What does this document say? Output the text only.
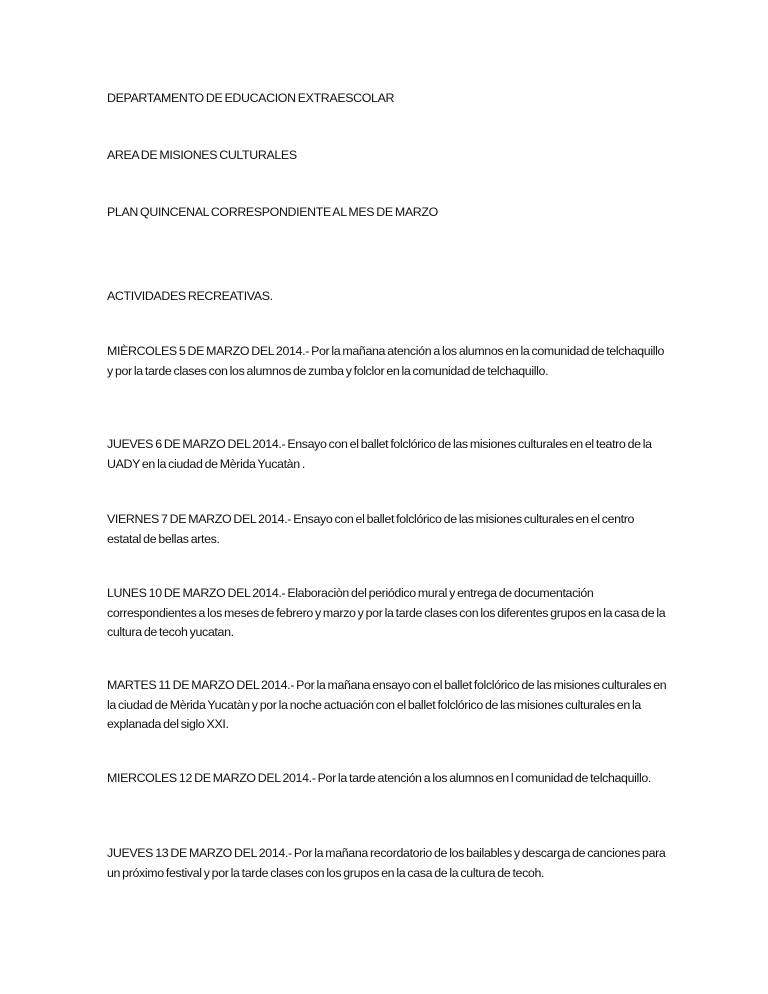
DEPARTAMENTO DE EDUCACION EXTRAESCOLAR
AREA DE MISIONES CULTURALES
PLAN QUINCENAL CORRESPONDIENTE AL MES DE MARZO
ACTIVIDADES RECREATIVAS.
MIÈRCOLES 5 DE MARZO DEL 2014.- Por la mañana atención a los alumnos en la comunidad de telchaquillo y por la tarde clases con los alumnos de zumba y folclor en la comunidad de telchaquillo.
JUEVES 6 DE MARZO DEL 2014.- Ensayo con el ballet folclórico de las misiones culturales en el teatro de la UADY en la ciudad de Mèrida Yucatàn .
VIERNES 7 DE MARZO DEL 2014.- Ensayo con el ballet folclórico de las misiones culturales en el centro estatal de bellas artes.
LUNES 10 DE MARZO DEL 2014.- Elaboraciòn del periódico mural y entrega de documentación correspondientes a los meses de febrero y marzo y por la tarde clases con los diferentes grupos en la casa de la cultura de tecoh yucatan.
MARTES 11 DE MARZO DEL 2014.- Por la mañana ensayo con el ballet folclórico de las misiones culturales en la ciudad de Mèrida Yucatàn y por la noche actuación con el ballet folclórico de las misiones culturales en la explanada del siglo XXI.
MIERCOLES 12 DE MARZO DEL 2014.- Por la tarde atención a los alumnos en l comunidad de telchaquillo.
JUEVES 13 DE MARZO DEL 2014.- Por la mañana recordatorio de los bailables y descarga de canciones para un próximo festival y por la tarde clases con los grupos en la casa de la cultura de tecoh.
